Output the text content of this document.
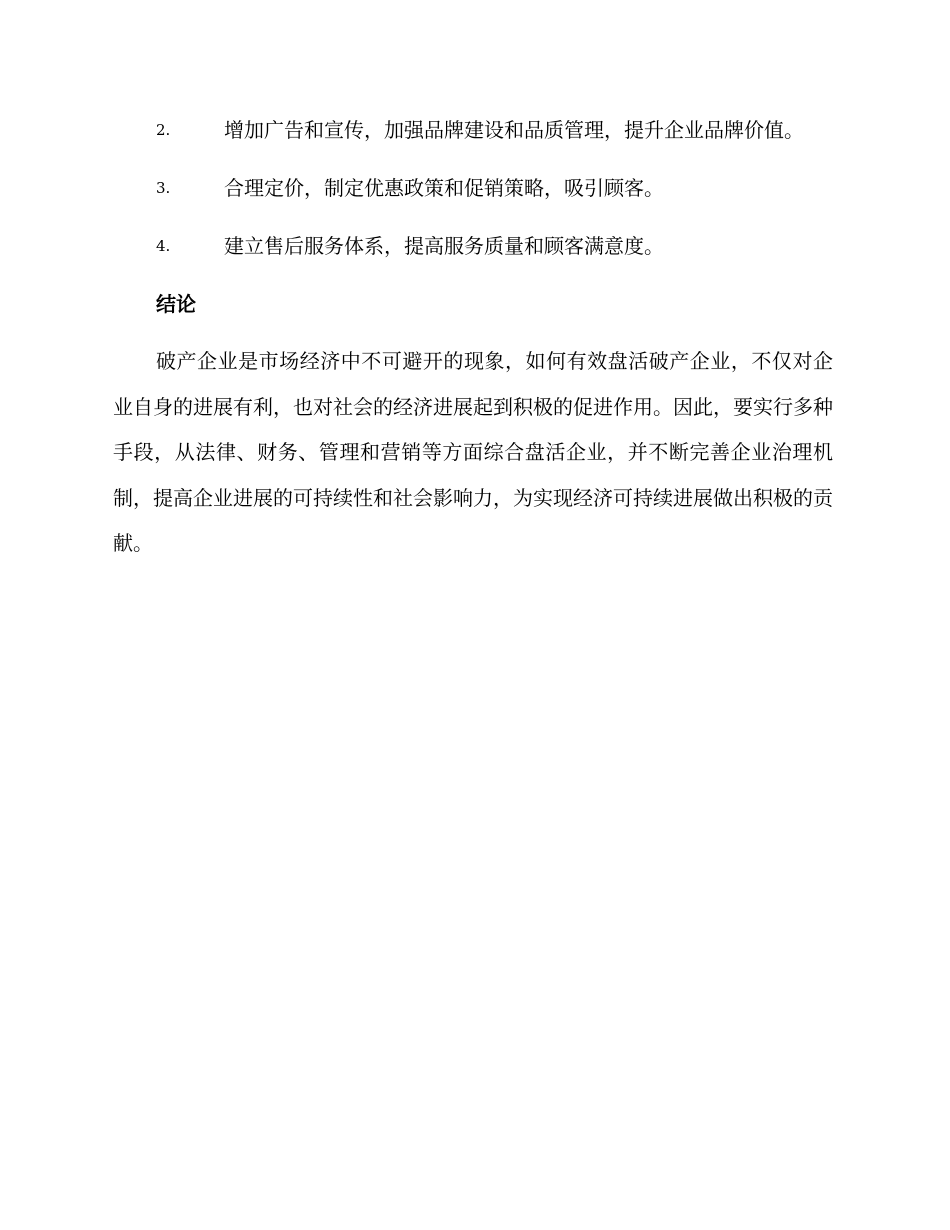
2.	增加广告和宣传，加强品牌建设和品质管理，提升企业品牌价值。
3.	合理定价，制定优惠政策和促销策略，吸引顾客。
4.	建立售后服务体系，提高服务质量和顾客满意度。
结论

破产企业是市场经济中不可避开的现象，如何有效盘活破产企业，不仅对企业自身的进展有利，也对社会的经济进展起到积极的促进作用。因此，要实行多种手段，从法律、财务、管理和营销等方面综合盘活企业，并不断完善企业治理机制，提高企业进展的可持续性和社会影响力，为实现经济可持续进展做出积极的贡献。
